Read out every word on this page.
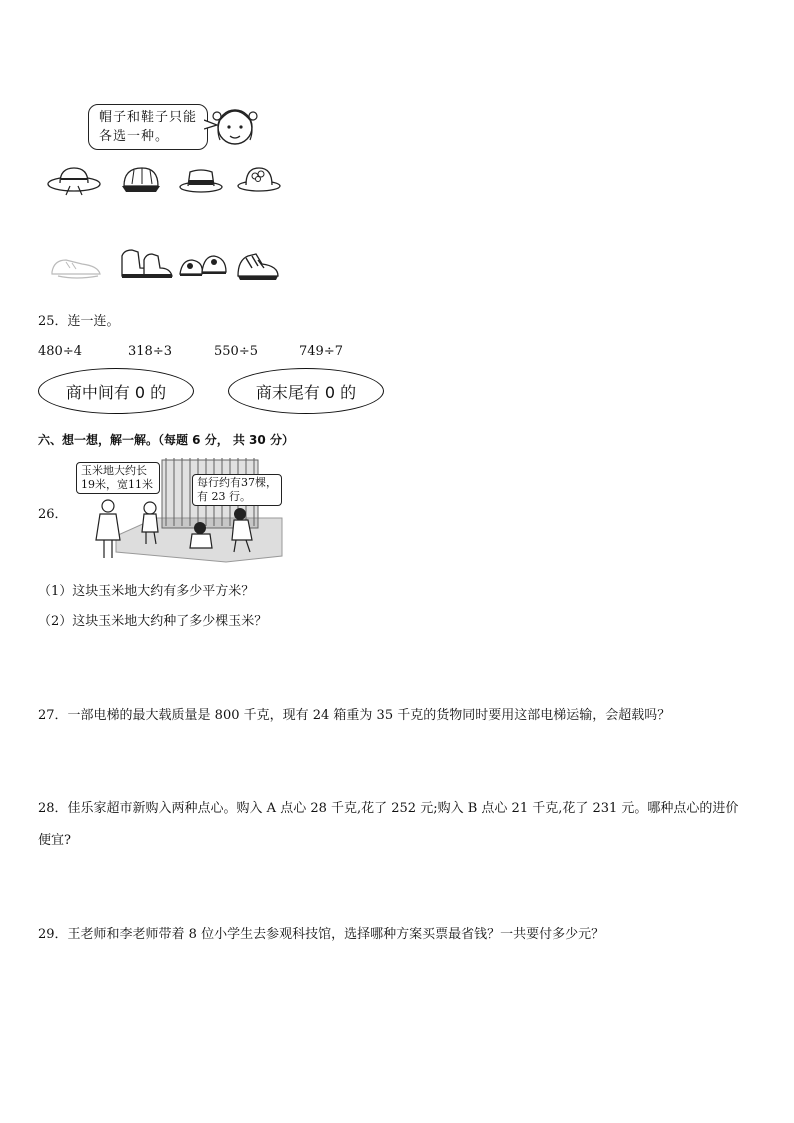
帽子和鞋子只能
各选一种。
25．连一连。
480÷4	318÷3	550÷5	749÷7
商中间有 0 的	商末尾有 0 的
六、想一想，解一解。（每题 6 分， 共 30 分）
26．
玉米地大约长
19米，宽11米	每行约有37棵，
有 23 行。
（1）这块玉米地大约有多少平方米？
（2）这块玉米地大约种了多少棵玉米？
27．一部电梯的最大载质量是 800 千克，现有 24 箱重为 35 千克的货物同时要用这部电梯运输，会超载吗？
28．佳乐家超市新购入两种点心。购入 A 点心 28 千克,花了 252 元;购入 B 点心 21 千克,花了 231 元。哪种点心的进价
便宜?
29．王老师和李老师带着 8 位小学生去参观科技馆，选择哪种方案买票最省钱？一共要付多少元？
